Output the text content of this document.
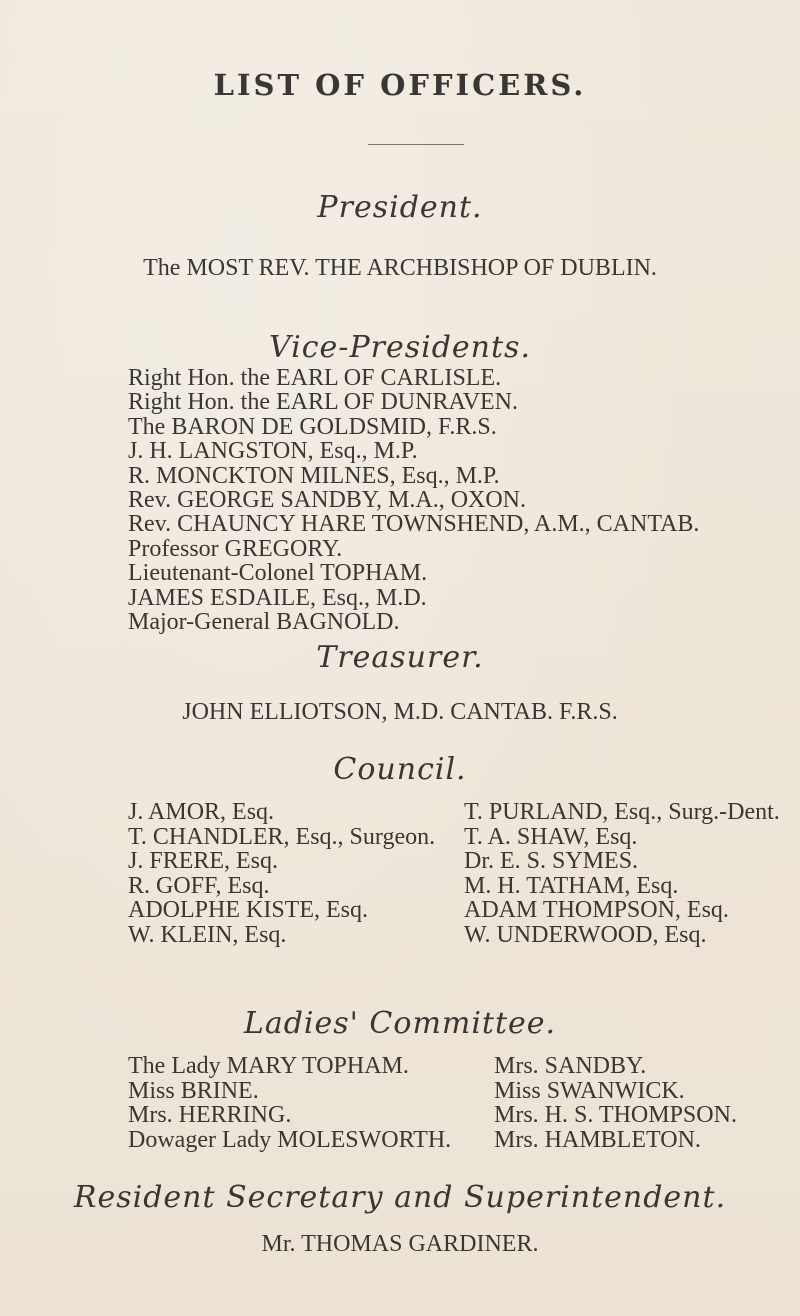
LIST OF OFFICERS.
President.
The MOST REV. THE ARCHBISHOP OF DUBLIN.
Vice-Presidents.
Right Hon. the EARL OF CARLISLE.
Right Hon. the EARL OF DUNRAVEN.
The BARON DE GOLDSMID, F.R.S.
J. H. LANGSTON, Esq., M.P.
R. MONCKTON MILNES, Esq., M.P.
Rev. GEORGE SANDBY, M.A., OXON.
Rev. CHAUNCY HARE TOWNSHEND, A.M., CANTAB.
Professor GREGORY.
Lieutenant-Colonel TOPHAM.
JAMES ESDAILE, Esq., M.D.
Major-General BAGNOLD.
Treasurer.
JOHN ELLIOTSON, M.D. CANTAB. F.R.S.
Council.
J. AMOR, Esq.
T. CHANDLER, Esq., Surgeon.
J. FRERE, Esq.
R. GOFF, Esq.
ADOLPHE KISTE, Esq.
W. KLEIN, Esq.
T. PURLAND, Esq., Surg.-Dent.
T. A. SHAW, Esq.
Dr. E. S. SYMES.
M. H. TATHAM, Esq.
ADAM THOMPSON, Esq.
W. UNDERWOOD, Esq.
Ladies' Committee.
The Lady MARY TOPHAM.
Miss BRINE.
Mrs. HERRING.
Dowager Lady MOLESWORTH.
Mrs. SANDBY.
Miss SWANWICK.
Mrs. H. S. THOMPSON.
Mrs. HAMBLETON.
Resident Secretary and Superintendent.
Mr. THOMAS GARDINER.
